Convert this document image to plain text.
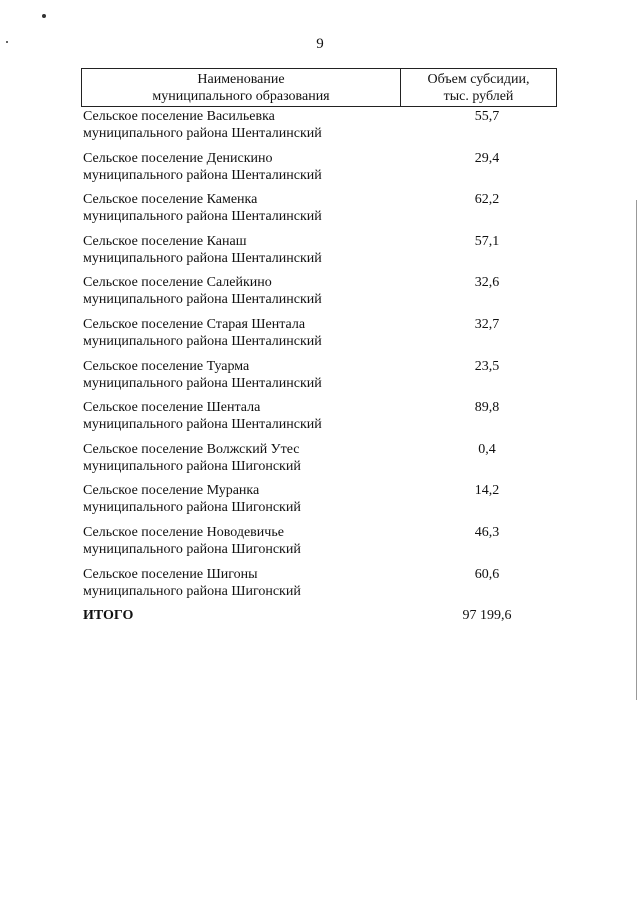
9
Наименование
муниципального образования
Объем субсидии,
тыс. рублей
Сельское поселение Васильевка
муниципального района Шенталинский
55,7
Сельское поселение Денискино
муниципального района Шенталинский
29,4
Сельское поселение Каменка
муниципального района Шенталинский
62,2
Сельское поселение Канаш
муниципального района Шенталинский
57,1
Сельское поселение Салейкино
муниципального района Шенталинский
32,6
Сельское поселение Старая Шентала
муниципального района Шенталинский
32,7
Сельское поселение Туарма
муниципального района Шенталинский
23,5
Сельское поселение Шентала
муниципального района Шенталинский
89,8
Сельское поселение Волжский Утес
муниципального района Шигонский
0,4
Сельское поселение Муранка
муниципального района Шигонский
14,2
Сельское поселение Новодевичье
муниципального района Шигонский
46,3
Сельское поселение Шигоны
муниципального района Шигонский
60,6
ИТОГО	97 199,6
